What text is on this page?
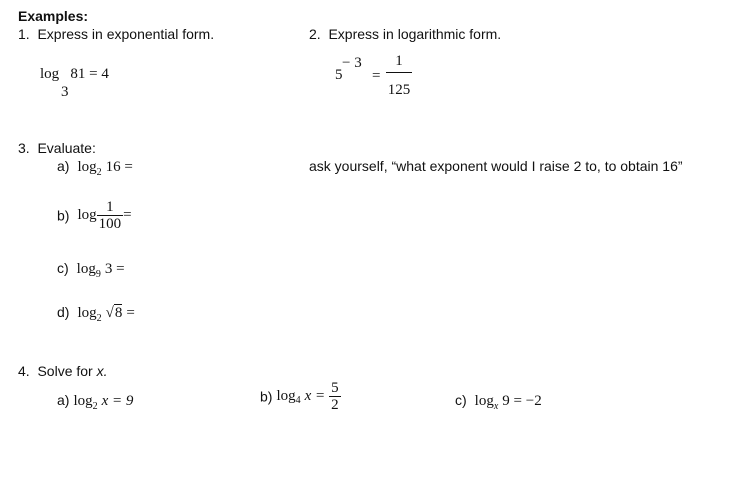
Examples:
1. Express in exponential form.
log 81 = 4
3
2. Express in logarithmic form.
5
− 3
=
1
125
3. Evaluate:
ask yourself, “what exponent would I raise 2 to, to obtain 16”
a) $\log_2 16$ =
b) $\log \frac{1}{100}$ =
c) $\log_9 3$ =
d) $\log_2 √8$ =
4. Solve for x.
a) $\log_2 x = 9$	b) $\log_4 x = \frac{5}{2}$	c) $\log_x 9 = -2$
